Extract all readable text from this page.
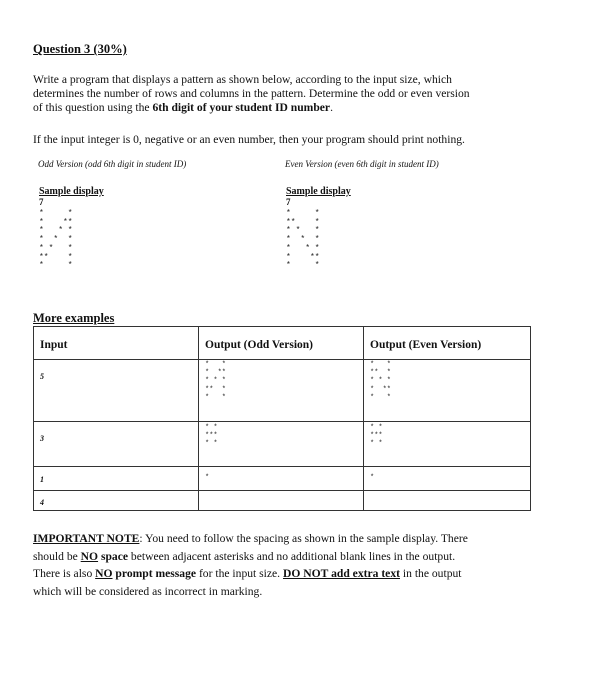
Question 3 (30%)
Write a program that displays a pattern as shown below, according to the input size, which
determines the number of rows and columns in the pattern. Determine the odd or even version
of this question using the 6th digit of your student ID number.
If the input integer is 0, negative or an even number, then your program should print nothing.
Odd Version (odd 6th digit in student ID)	Even Version (even 6th digit in student ID)
Sample display
7
*     *
*    **
*   * *
*  *  *
* *   *
**    *
*     *
Sample display
7
*     *
**    *
* *   *
*  *  *
*   * *
*    **
*     *
More examples
Input	Output (Odd Version)	Output (Even Version)

5	*   *
*  **
* * *
**  *
*   *	*   *
**  *
* * *
*  **
*   *

3	* *
***
* *	* *
***
* *

1	*	*

4		

IMPORTANT NOTE: You need to follow the spacing as shown in the sample display. There
should be NO space between adjacent asterisks and no additional blank lines in the output.
There is also NO prompt message for the input size. DO NOT add extra text in the output
which will be considered as incorrect in marking.
